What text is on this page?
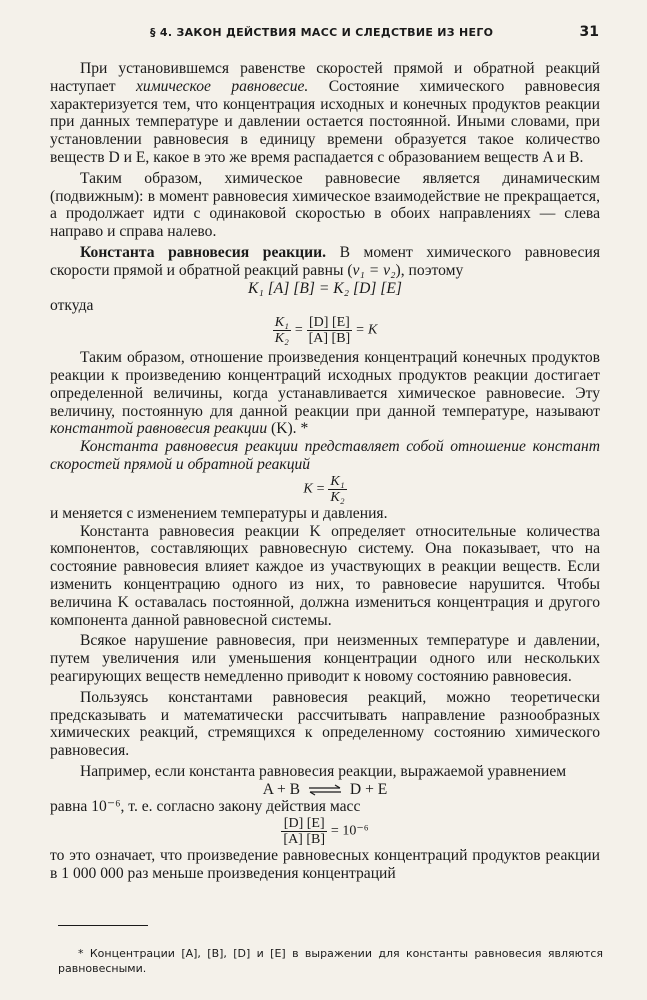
§ 4. ЗАКОН ДЕЙСТВИЯ МАСС И СЛЕДСТВИЕ ИЗ НЕГО	31

При установившемся равенстве скоростей прямой и обратной реакций наступает химическое равновесие. Состояние химического равновесия характеризуется тем, что концентрация исходных и конечных продуктов реакции при данных температуре и давлении остается постоянной. Иными словами, при установлении равновесия в единицу времени образуется такое количество веществ D и E, какое в это же время распадается с образованием веществ A и B.

Таким образом, химическое равновесие является динамическим (подвижным): в момент равновесия химическое взаимодействие не прекращается, а продолжает идти с одинаковой скоростью в обоих направлениях — слева направо и справа налево.

Константа равновесия реакции. В момент химического равновесия скорости прямой и обратной реакций равны (v₁ = v₂), поэтому

K₁ [A] [B] = K₂ [D] [E]

откуда

$\frac{\text{K₁}}{\text{K₂}} = \frac{[D] [E]}{[A] [B]} = K$

Таким образом, отношение произведения концентраций конечных продуктов реакции к произведению концентраций исходных продуктов реакции достигает определенной величины, когда устанавливается химическое равновесие. Эту величину, постоянную для данной реакции при данной температуре, называют константой равновесия реакции (K). *

Константа равновесия реакции представляет собой отношение констант скоростей прямой и обратной реакций

$K = \frac{\text{K₁}}{\text{K₂}}$

и меняется с изменением температуры и давления.

Константа равновесия реакции K определяет относительные количества компонентов, составляющих равновесную систему. Она показывает, что на состояние равновесия влияет каждое из участвующих в реакции веществ. Если изменить концентрацию одного из них, то равновесие нарушится. Чтобы величина K оставалась постоянной, должна измениться концентрация и другого компонента данной равновесной системы.

Всякое нарушение равновесия, при неизменных температуре и давлении, путем увеличения или уменьшения концентрации одного или нескольких реагирующих веществ немедленно приводит к новому состоянию равновесия.

Пользуясь константами равновесия реакций, можно теоретически предсказывать и математически рассчитывать направление разнообразных химических реакций, стремящихся к определенному состоянию химического равновесия.

Например, если константа равновесия реакции, выражаемой уравнением

A + B ⇌ D + E

равна 10⁻⁶, т. е. согласно закону действия масс

$\frac{[D] [E]}{[A] [B]} = 10^{-6}$

то это означает, что произведение равновесных концентраций продуктов реакции в 1 000 000 раз меньше произведения концентраций

* Концентрации [A], [B], [D] и [E] в выражении для константы равновесия являются равновесными.
